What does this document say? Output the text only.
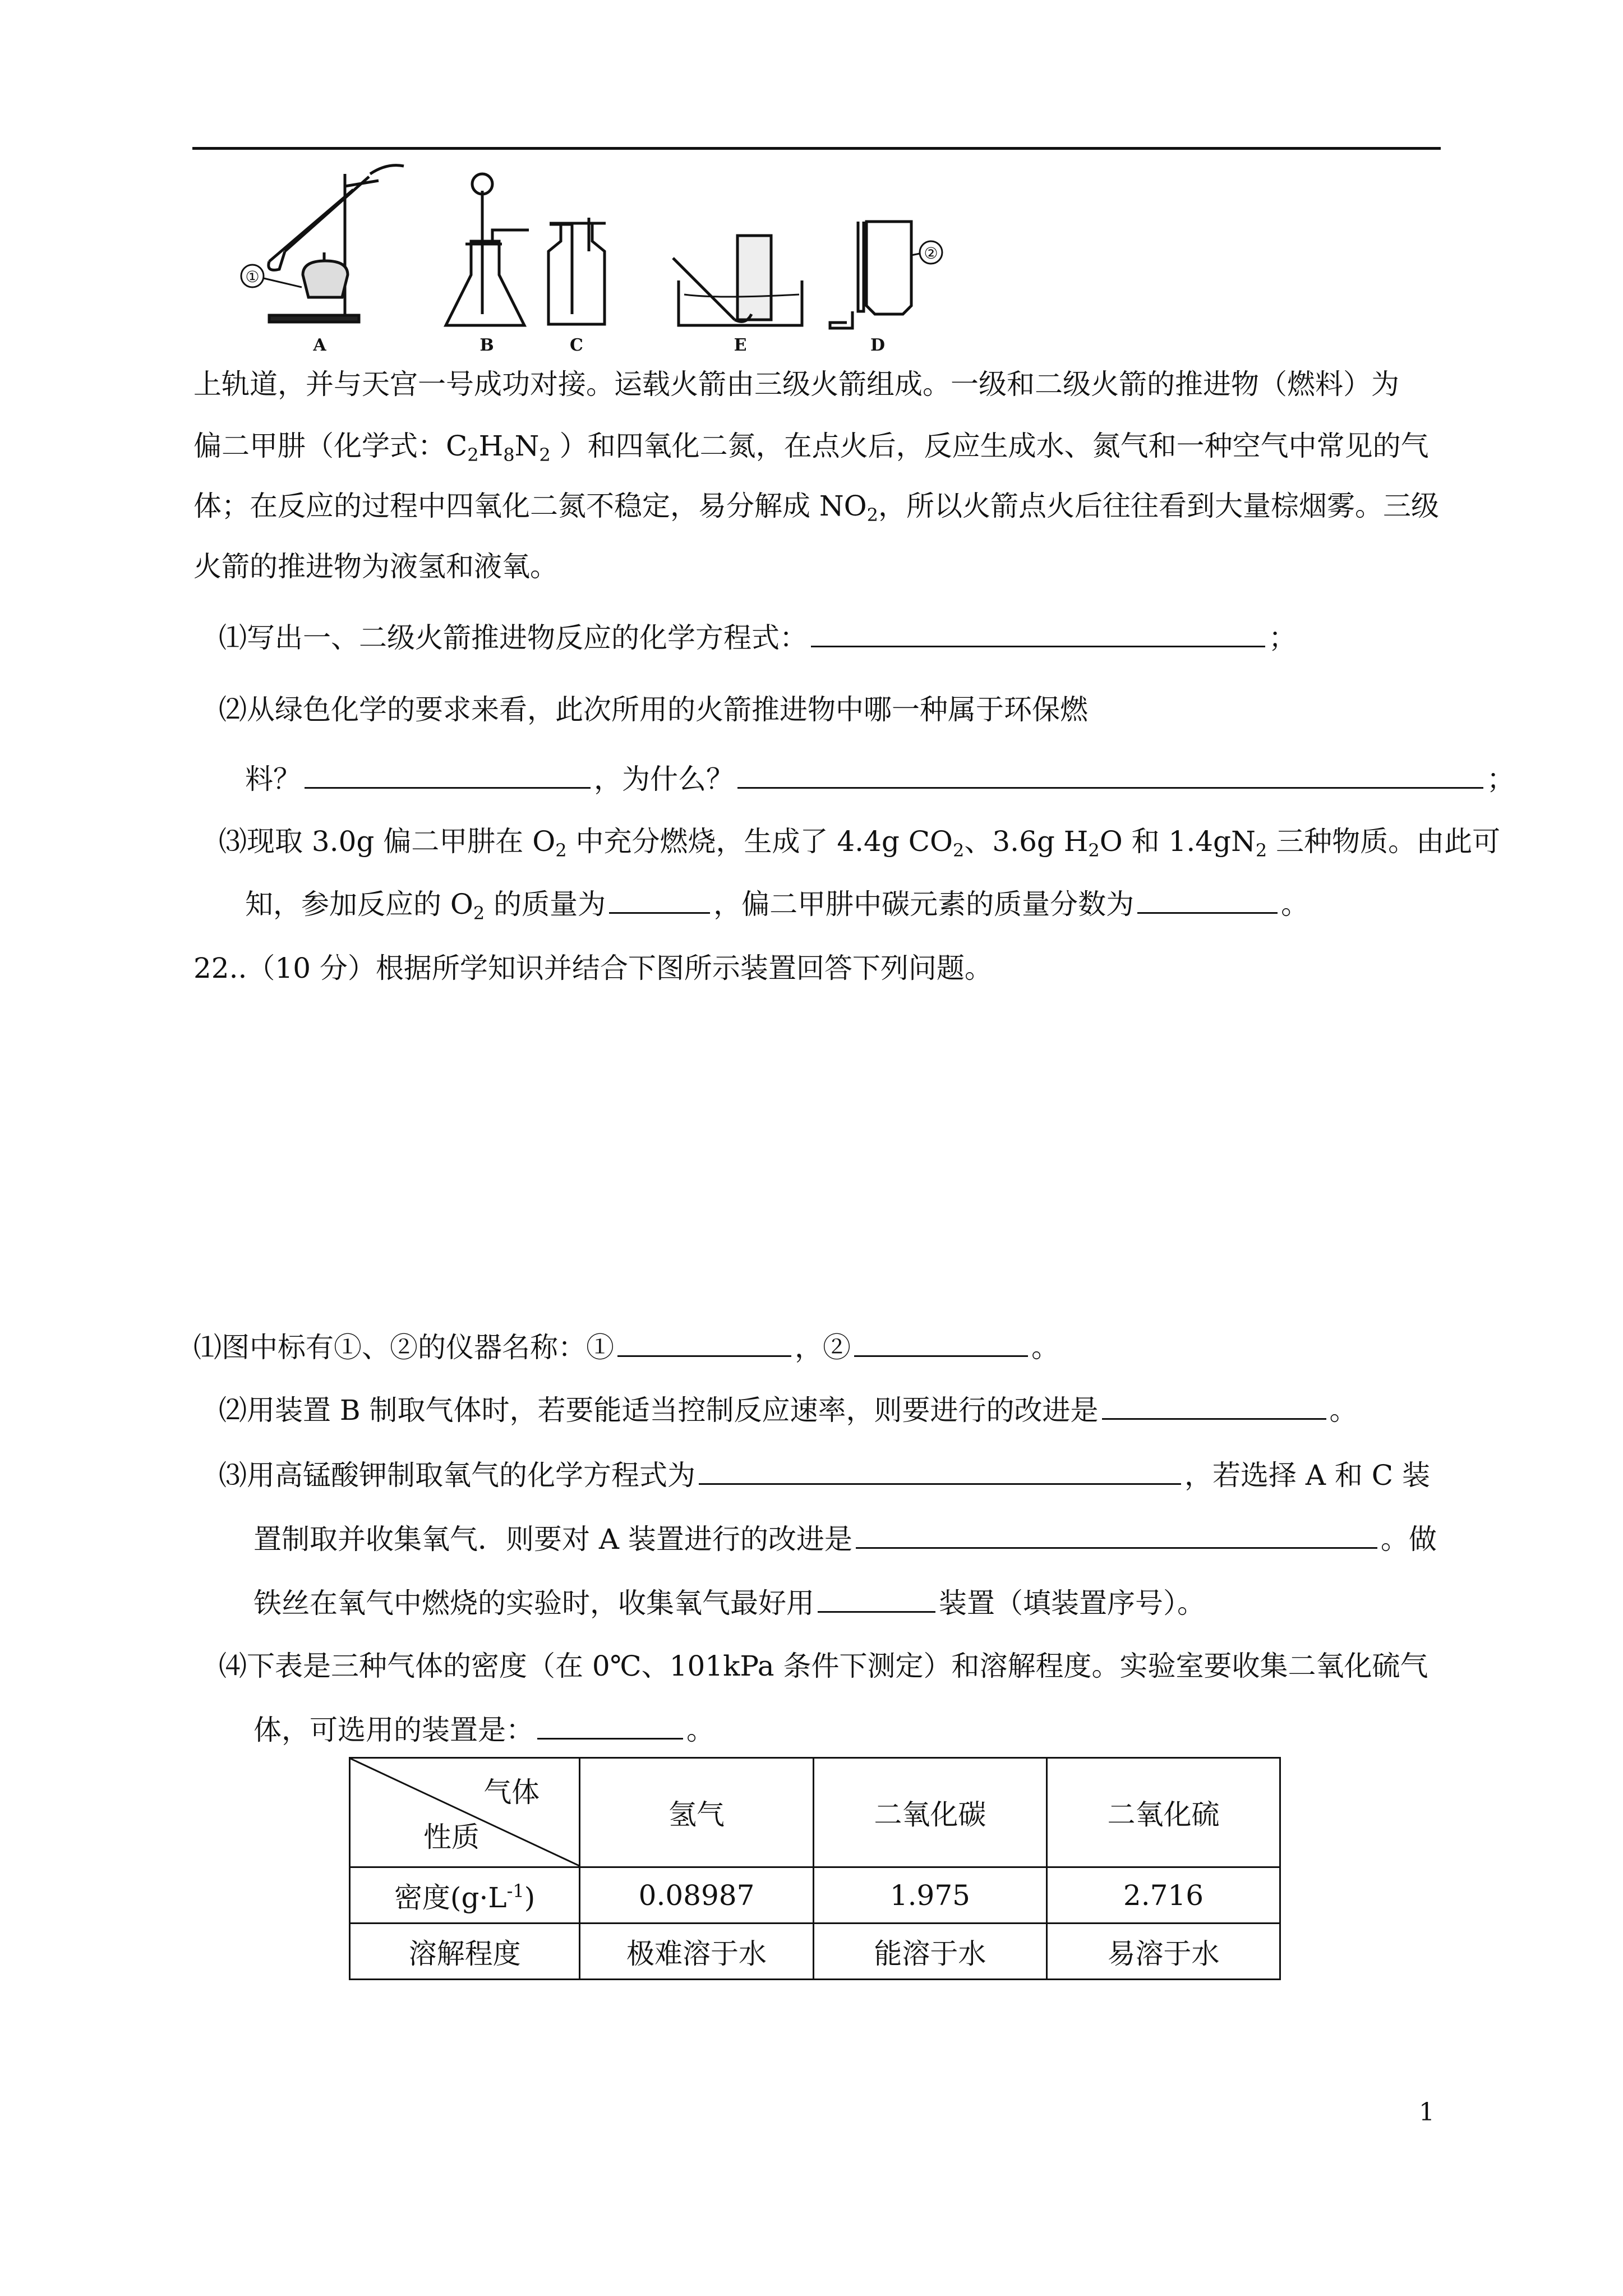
A	B	C	E	D
①
②
上轨道，并与天宫一号成功对接。运载火箭由三级火箭组成。一级和二级火箭的推进物（燃料）为
偏二甲肼（化学式：$C_2H_8N_2$ ）和四氧化二氮，在点火后，反应生成水、氮气和一种空气中常见的气
体；在反应的过程中四氧化二氮不稳定，易分解成 $NO_2$，所以火箭点火后往往看到大量棕烟雾。三级
火箭的推进物为液氢和液氧。
⑴写出一、二级火箭推进物反应的化学方程式：	；
⑵从绿色化学的要求来看，此次所用的火箭推进物中哪一种属于环保燃
料？	，为什么？	；
⑶现取 3.0g 偏二甲肼在 $O_2$ 中充分燃烧，生成了 4.4g $CO_2$、3.6g $H_2O$ 和 $1.4gN_2$ 三种物质。由此可
知，参加反应的 $O_2$ 的质量为	，偏二甲肼中碳元素的质量分数为	。
22..（10 分）根据所学知识并结合下图所示装置回答下列问题。
⑴图中标有①、②的仪器名称：①	，②	。
⑵用装置 B 制取气体时，若要能适当控制反应速率，则要进行的改进是	。
⑶用高锰酸钾制取氧气的化学方程式为	，若选择 A 和 C 装
置制取并收集氧气．则要对 A 装置进行的改进是	。做
铁丝在氧气中燃烧的实验时，收集氧气最好用	装置（填装置序号）。
⑷下表是三种气体的密度（在 0℃、101kPa 条件下测定）和溶解程度。实验室要收集二氧化硫气
体，可选用的装置是：	。
气体
性质	氢气	二氧化碳	二氧化硫
密度$(g\cdot L^{-1})$	0.08987	1.975	2.716
溶解程度	极难溶于水	能溶于水	易溶于水
1
